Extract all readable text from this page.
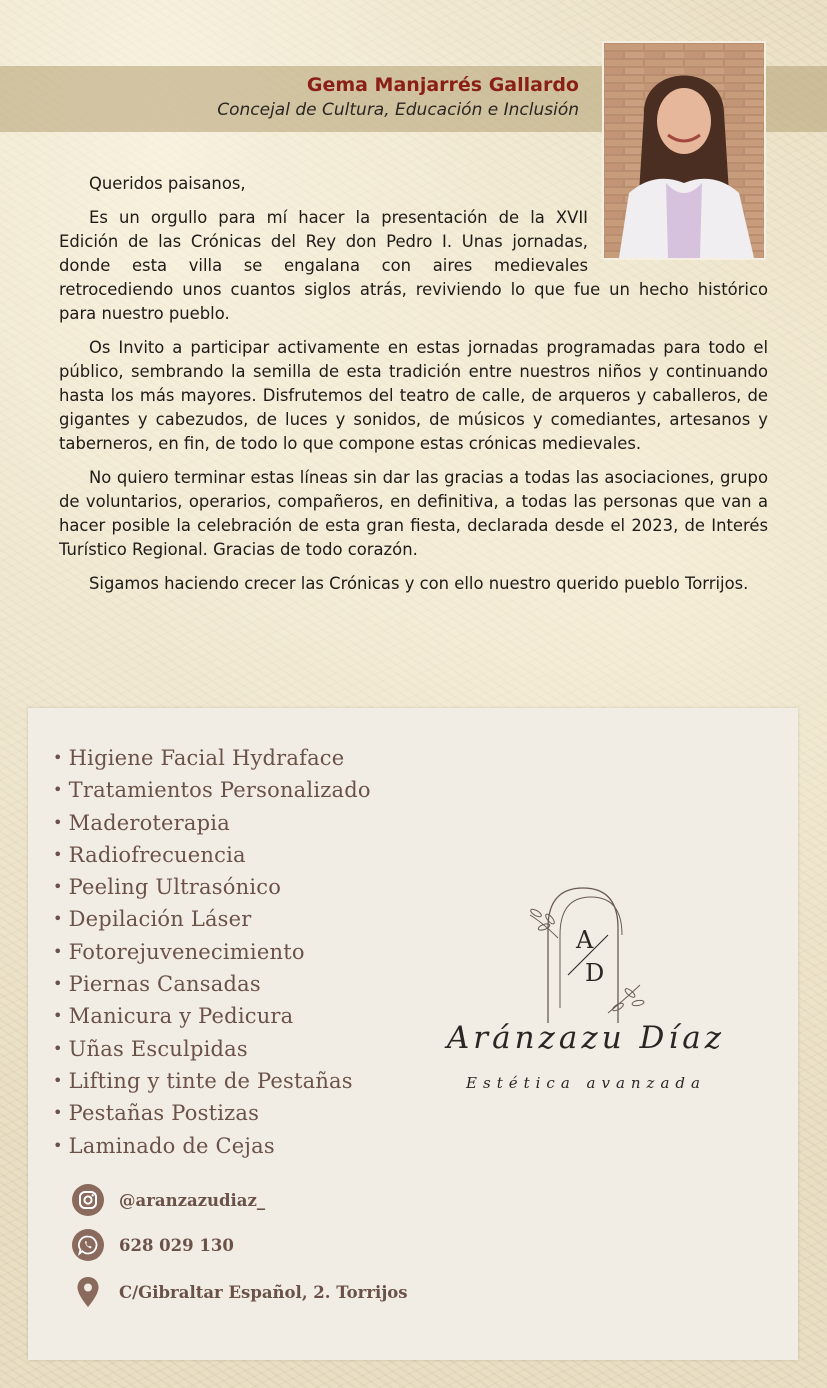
Gema Manjarrés Gallardo
Concejal de Cultura, Educación e Inclusión

Queridos paisanos,

Es un orgullo para mí hacer la presentación de la XVII Edición de las Crónicas del Rey don Pedro I. Unas jornadas, donde esta villa se engalana con aires medievales retrocediendo unos cuantos siglos atrás, reviviendo lo que fue un hecho histórico para nuestro pueblo.

Os Invito a participar activamente en estas jornadas programadas para todo el público, sembrando la semilla de esta tradición entre nuestros niños y continuando hasta los más mayores. Disfrutemos del teatro de calle, de arqueros y caballeros, de gigantes y cabezudos, de luces y sonidos, de músicos y comediantes, artesanos y taberneros, en fin, de todo lo que compone estas crónicas medievales.

No quiero terminar estas líneas sin dar las gracias a todas las asociaciones, grupo de voluntarios, operarios, compañeros, en definitiva, a todas las personas que van a hacer posible la celebración de esta gran fiesta, declarada desde el 2023, de Interés Turístico Regional. Gracias de todo corazón.

Sigamos haciendo crecer las Crónicas y con ello nuestro querido pueblo Torrijos.

• Higiene Facial Hydraface
• Tratamientos Personalizado
• Maderoterapia
• Radiofrecuencia
• Peeling Ultrasónico
• Depilación Láser
• Fotorejuvenecimiento
• Piernas Cansadas
• Manicura y Pedicura
• Uñas Esculpidas
• Lifting y tinte de Pestañas
• Pestañas Postizas
• Laminado de Cejas
A
D
Aránzazu Díaz
Estética avanzada
@aranzazudiaz_
628 029 130
C/Gibraltar Español, 2. Torrijos
